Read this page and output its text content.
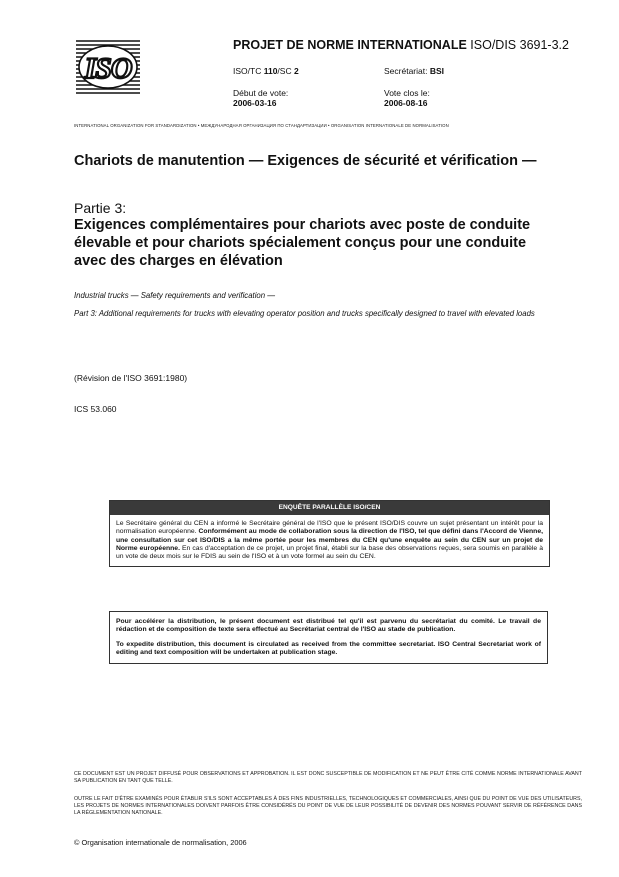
ISO
PROJET DE NORME INTERNATIONALE ISO/DIS 3691-3.2
ISO/TC 110/SC 2	Secrétariat: BSI
Début de vote:
2006-03-16
Vote clos le:
2006-08-16
INTERNATIONAL ORGANIZATION FOR STANDARDIZATION • МЕЖДУНАРОДНАЯ ОРГАНИЗАЦИЯ ПО СТАНДАРТИЗАЦИИ • ORGANISATION INTERNATIONALE DE NORMALISATION
Chariots de manutention — Exigences de sécurité et vérification —
Partie 3:
Exigences complémentaires pour chariots avec poste de conduite élevable et pour chariots spécialement conçus pour une conduite avec des charges en élévation
Industrial trucks — Safety requirements and verification —
Part 3: Additional requirements for trucks with elevating operator position and trucks specifically designed to travel with elevated loads
(Révision de l'ISO 3691:1980)
ICS 53.060
ENQUÊTE PARALLÈLE ISO/CEN
Le Secrétaire général du CEN a informé le Secrétaire général de l'ISO que le présent ISO/DIS couvre un sujet présentant un intérêt pour la normalisation européenne. Conformément au mode de collaboration sous la direction de l'ISO, tel que défini dans l'Accord de Vienne, une consultation sur cet ISO/DIS a la même portée pour les membres du CEN qu'une enquête au sein du CEN sur un projet de Norme européenne. En cas d'acceptation de ce projet, un projet final, établi sur la base des observations reçues, sera soumis en parallèle à un vote de deux mois sur le FDIS au sein de l'ISO et à un vote formel au sein du CEN.

Pour accélérer la distribution, le présent document est distribué tel qu'il est parvenu du secrétariat du comité. Le travail de rédaction et de composition de texte sera effectué au Secrétariat central de l'ISO au stade de publication.

To expedite distribution, this document is circulated as received from the committee secretariat. ISO Central Secretariat work of editing and text composition will be undertaken at publication stage.

CE DOCUMENT EST UN PROJET DIFFUSÉ POUR OBSERVATIONS ET APPROBATION. IL EST DONC SUSCEPTIBLE DE MODIFICATION ET NE PEUT ÊTRE CITÉ COMME NORME INTERNATIONALE AVANT SA PUBLICATION EN TANT QUE TELLE.
OUTRE LE FAIT D'ÊTRE EXAMINÉS POUR ÉTABLIR S'ILS SONT ACCEPTABLES À DES FINS INDUSTRIELLES, TECHNOLOGIQUES ET COMMERCIALES, AINSI QUE DU POINT DE VUE DES UTILISATEURS, LES PROJETS DE NORMES INTERNATIONALES DOIVENT PARFOIS ÊTRE CONSIDÉRÉS DU POINT DE VUE DE LEUR POSSIBILITÉ DE DEVENIR DES NORMES POUVANT SERVIR DE RÉFÉRENCE DANS LA RÉGLEMENTATION NATIONALE.
© Organisation internationale de normalisation, 2006
